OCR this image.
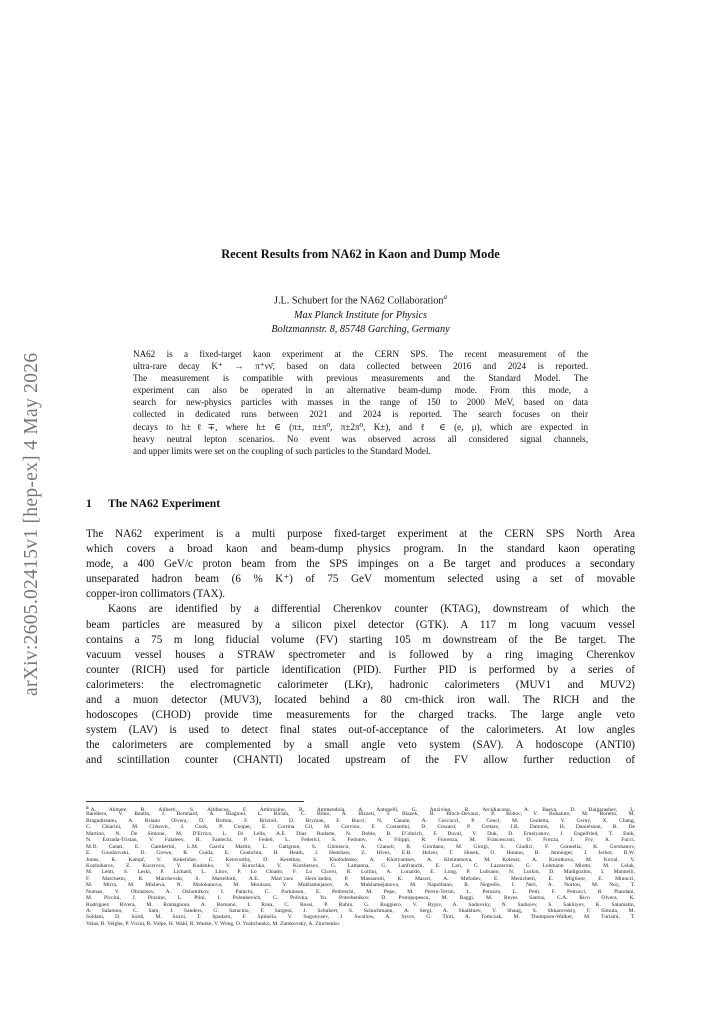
arXiv:2605.02415v1 [hep-ex] 4 May 2026
Recent Results from NA62 in Kaon and Dump Mode
J.L. Schubert for the NA62 Collaboration$^a$
Max Planck Institute for Physics
Boltzmannstr. 8, 85748 Garching, Germany
NA62 is a fixed-target kaon experiment at the CERN SPS. The recent measurement of the
ultra-rare decay K⁺ → π⁺νν̄, based on data collected between 2016 and 2024 is reported.
The measurement is compatible with previous measurements and the Standard Model. The
experiment can also be operated in an alternative beam-dump mode. From this mode, a
search for new-physics particles with masses in the range of 150 to 2000 MeV, based on data
collected in dedicated runs between 2021 and 2024 is reported. The search focuses on their
decays to h±ℓ∓, where h± ∈ (π±, π±π⁰, π±2π⁰, K±), and ℓ ∈ (e, μ), which are expected in
heavy neutral lepton scenarios. No event was observed across all considered signal channels,
and upper limits were set on the coupling of such particles to the Standard Model.
1 The NA62 Experiment
The NA62 experiment is a multi purpose fixed-target experiment at the CERN SPS North Area
which covers a broad kaon and beam-dump physics program. In the standard kaon operating
mode, a 400 GeV/c proton beam from the SPS impinges on a Be target and produces a secondary
unseparated hadron beam (6 % K⁺) of 75 GeV momentum selected using a set of movable
copper-iron collimators (TAX).
Kaons are identified by a differential Cherenkov counter (KTAG), downstream of which the
beam particles are measured by a silicon pixel detector (GTK). A 117 m long vacuum vessel
contains a 75 m long fiducial volume (FV) starting 105 m downstream of the Be target. The
vacuum vessel houses a STRAW spectrometer and is followed by a ring imaging Cherenkov
counter (RICH) used for particle identification (PID). Further PID is performed by a series of
calorimeters: the electromagnetic calorimeter (LKr), hadronic calorimeters (MUV1 and MUV2)
and a muon detector (MUV3), located behind a 80 cm-thick iron wall. The RICH and the
hodoscopes (CHOD) provide time measurements for the charged tracks. The large angle veto
system (LAV) is used to detect final states out-of-acceptance of the calorimeters. At low angles
the calorimeters are complemented by a small angle veto system (SAV). A hodoscope (ANTI0)
and scintillation counter (CHANTI) located upstream of the FV allow further reduction of
$^a$ A. Akmete, R. Aliberti, S. Altibocus, F. Ambrosino, R. Ammendola, A. Antonelli, G. Anzivino, R. Arcidiacono, A. Baeva, D. Baigarashev, L.
Bandiera, V. Bautin, J. Bernhard, A. Biagioni, L. Bician, C. Biino, A. Bizzeti, T. Blazek, B. Bloch-Devaux, P. Boboc, V. Bonaiuto, M. Boretto, M.
Bragadireanu, A. Briano Olvera, D. Britton, F. Brizioli, D. Bryman, F. Bucci, N. Canale, A. Ceccucci, P. Cenci, M. Ceoletta, V. Cerny, X. Chang,
C. Chiarini, M. Cirkovic, J. Cook, P. Cooper, E. Cortina Gil, M. Corvino, F. Costantini, D. Coward, P. Cretaro, J.B. Dainton, H. Danielsson, B. De
Martino, N. De Simone, M. D'Errico, L. Di Lella, A.E. Diaz Rodarte, N. Doble, B. D¨obrich, F. Duval, V. Duk, D. Emelyanov, J. Engelfried, T. Enik,
N. Estrada-Tristan, V. Falaleev, R. Fantechi, P. Fedeli, L. Federici, S. Fedotov, A. Filippi, R. Fiorenza, M. Francesconi, O. Frezza, J. Fry, A. Fucci,
M.D. Galati, E. Gamberini, L.M. Garcia Martin, L. Gatignon, S. Ghinescu, A. Gianoli, R. Giordano, M. Giorgi, S. Giudici, F. Gonnella, K. Gorshanov,
E. Goudzovski, D. Grewe, R. Guida, E. Gushchin, H. Heath, J. Henshaw, Z. Hives, E.B. Holzer, T. Husek, O. Hutanu, B. Jenninger, J. Jerhot, B.W.
Jones, K. Kampf, V. Kekelidze, C. Kenworthy, D. Kereibay, S. Kholodenko, A. Khotyantsev, A. Kleimenova, M. Kolesar, A. Korotkova, M. Koval, V.
Kozhuharov, Z. Kucerova, Y. Kudenko, V. Kurochka, V. Kurshetsov, G. Lamanna, G. Lanfranchi, E. Lari, C. Lazzeroni, G. Lehmann Miotto, M. Lelak,
M. Lenti, S. Leski, P. Lichard, L. Litov, P. Lo Chiatto, F. Lo Cicero, R. Lollini, A. Lonardo, E. Long, P. Lubrano, N. Lurkin, D. Madigozhin, I. Mannelli,
F. Marchetto, R. Marchevski, S. Martellotti, A.E. Mart´ınez Hern´andez, P. Massarotti, K. Massri, A. Mefodev, E. Menichetti, E. Migliore, E. Minucci,
M. Mirra, M. Misheva, N. Molokanova, M. Moulson, Y. Mukhamejanov, A. Mukhamejanova, M. Napolitano, R. Negrello, I. Neri, A. Norton, M. Noy, T.
Numao, V. Obraztsov, A. Okhotnikov, I. Panichi, C. Parkinson, E. Pedreschi, M. Pepe, M. Perrin-Terrin, L. Peruzzo, L. Petit, F. Petrucci, R. Piandani,
M. Piccini, J. Pinzino, L. Plini, I. Polenkevich, C. Polivka, Yu. Potrebenikov, D. Protopopescu, M. Raggi, M. Reyes Santos, C.A. Rico Olvera, K.
Rodriguez Rivera, M. Romagnoni, A. Romano, I. Rosa, C. Rossi, P. Rubin, G. Ruggiero, V. Ryjov, A. Sadovsky, N. Saduyev, S. Sakhiyev, K. Salamatin,
A. Salamon, C. Sam, J. Sanders, G. Saracino, F. Sargeni, J. Schubert, S. Schuchmann, A. Sergi, A. Shaikhiev, V. Shaug, S. Shkarovskiy, F. Simula, M.
Soldani, D. Soldi, M. Sozzi, T. Spadaro, F. Spinella, V. Sugonyaev, J. Swallow, A. Sytov, G. Tinti, A. Tomczak, M. Thompson-Walker, M. Turisini, T.
Velas, B. Velghe, P. Vicini, R. Volpe, H. Wahl, R. Wanke, V. Wong, O. Yushchenko, M. Zamkovsky, A. Zinchenko.
